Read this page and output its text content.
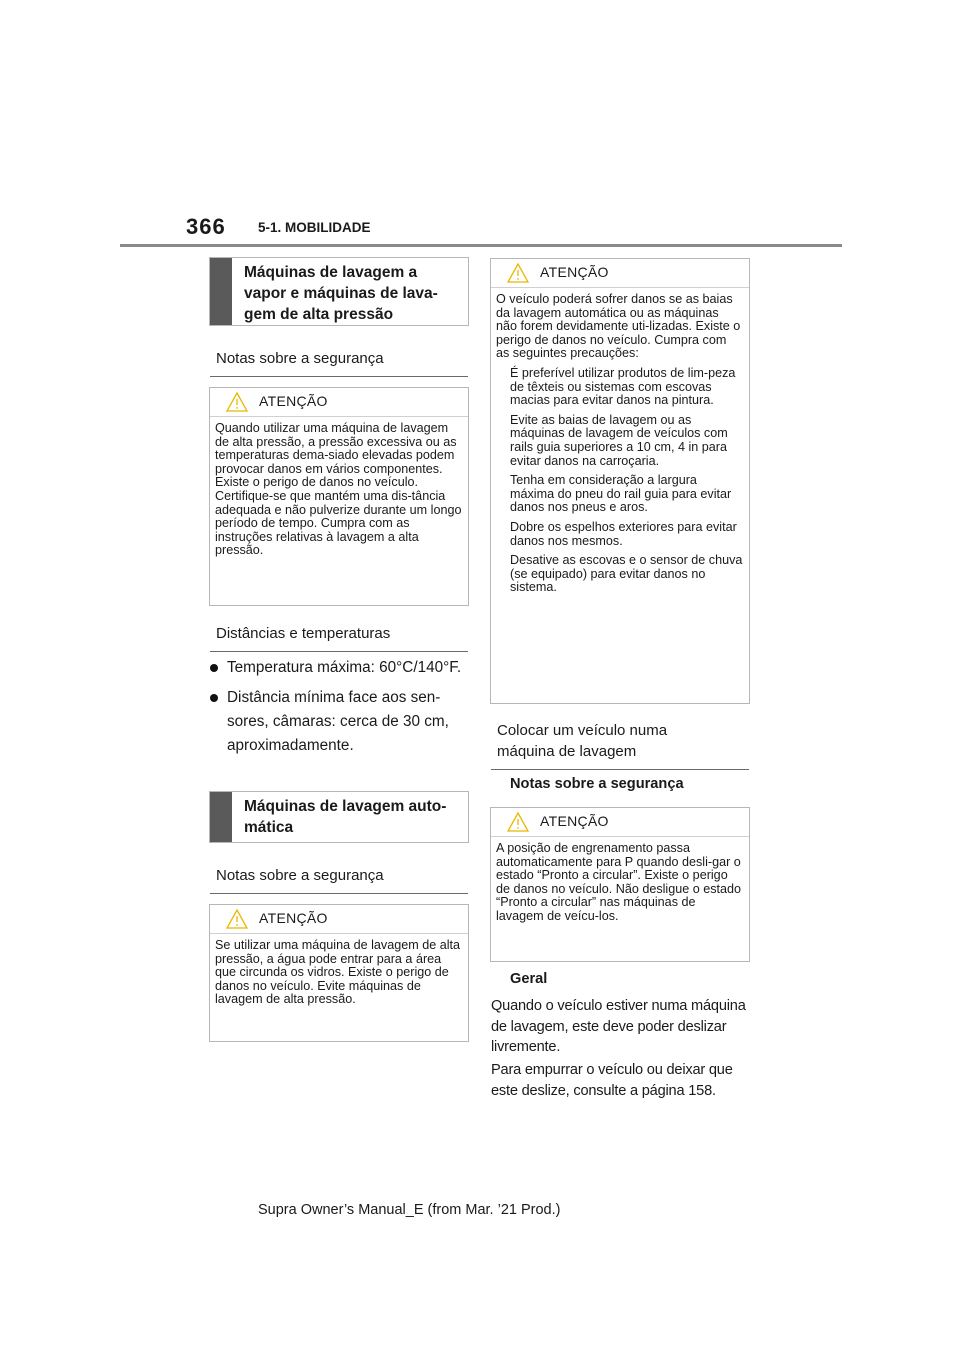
366 5-1. MOBILIDADE
Máquinas de lavagem a
vapor e máquinas de lava-
gem de alta pressão
Notas sobre a segurança
ATENÇÃO

Quando utilizar uma máquina de lavagem de alta pressão, a pressão excessiva ou as temperaturas dema-siado elevadas podem provocar danos em vários componentes. Existe o perigo de danos no veículo. Certifique-se que mantém uma dis-tância adequada e não pulverize durante um longo período de tempo. Cumpra com as instruções relativas à lavagem a alta pressão.

Distâncias e temperaturas
Temperatura máxima: 60°C/140°F.
Distância mínima face aos sen-sores, câmaras: cerca de 30 cm, aproximadamente.
Máquinas de lavagem auto-
mática
Notas sobre a segurança
ATENÇÃO

Se utilizar uma máquina de lavagem de alta pressão, a água pode entrar para a área que circunda os vidros. Existe o perigo de danos no veículo. Evite máquinas de lavagem de alta pressão.

ATENÇÃO

O veículo poderá sofrer danos se as baias da lavagem automática ou as máquinas não forem devidamente uti-lizadas. Existe o perigo de danos no veículo. Cumpra com as seguintes precauções:

É preferível utilizar produtos de lim-peza de têxteis ou sistemas com escovas macias para evitar danos na pintura.

Evite as baias de lavagem ou as máquinas de lavagem de veículos com rails guia superiores a 10 cm, 4 in para evitar danos na carroçaria.

Tenha em consideração a largura máxima do pneu do rail guia para evitar danos nos pneus e aros.

Dobre os espelhos exteriores para evitar danos nos mesmos.

Desative as escovas e o sensor de chuva (se equipado) para evitar danos no sistema.

Colocar um veículo numa
máquina de lavagem
Notas sobre a segurança
ATENÇÃO

A posição de engrenamento passa automaticamente para P quando desli-gar o estado “Pronto a circular”. Existe o perigo de danos no veículo. Não desligue o estado “Pronto a circular” nas máquinas de lavagem de veícu-los.

Geral
Quando o veículo estiver numa máquina de lavagem, este deve poder deslizar livremente.
Para empurrar o veículo ou deixar que este deslize, consulte a página 158.
Supra Owner’s Manual_E (from Mar. ’21 Prod.)
